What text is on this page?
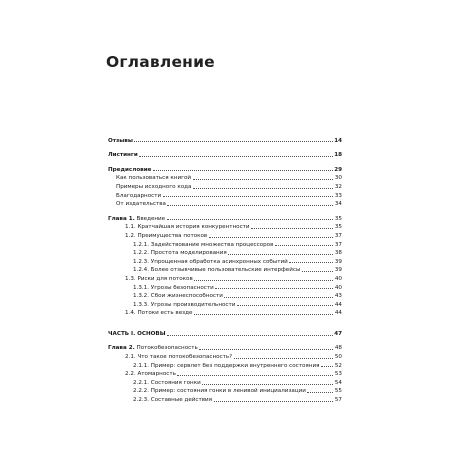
Оглавление
Отзывы	14
Листинги	18
Предисловие	29
Как пользоваться книгой	30
Примеры исходного кода	32
Благодарности	33
От издательства	34
Глава 1. Введение	35
1.1. Кратчайшая история конкурентности	35
1.2. Преимущества потоков	37
1.2.1. Задействование множества процессоров	37
1.2.2. Простота моделирования	38
1.2.3. Упрощенная обработка асинхронных событий	39
1.2.4. Более отзывчивые пользовательские интерфейсы	39
1.3. Риски для потоков	40
1.3.1. Угрозы безопасности	40
1.3.2. Сбои жизнеспособности	43
1.3.3. Угрозы производительности	44
1.4. Потоки есть везде	44
ЧАСТЬ I. ОСНОВЫ	47
Глава 2. Потокобезопасность	48
2.1. Что такое потокобезопасность?	50
2.1.1. Пример: сервлет без поддержки внутреннего состояния	52
2.2. Атомарность	53
2.2.1. Состояния гонки	54
2.2.2. Пример: состояния гонки в ленивой инициализации	55
2.2.3. Составные действия	57
